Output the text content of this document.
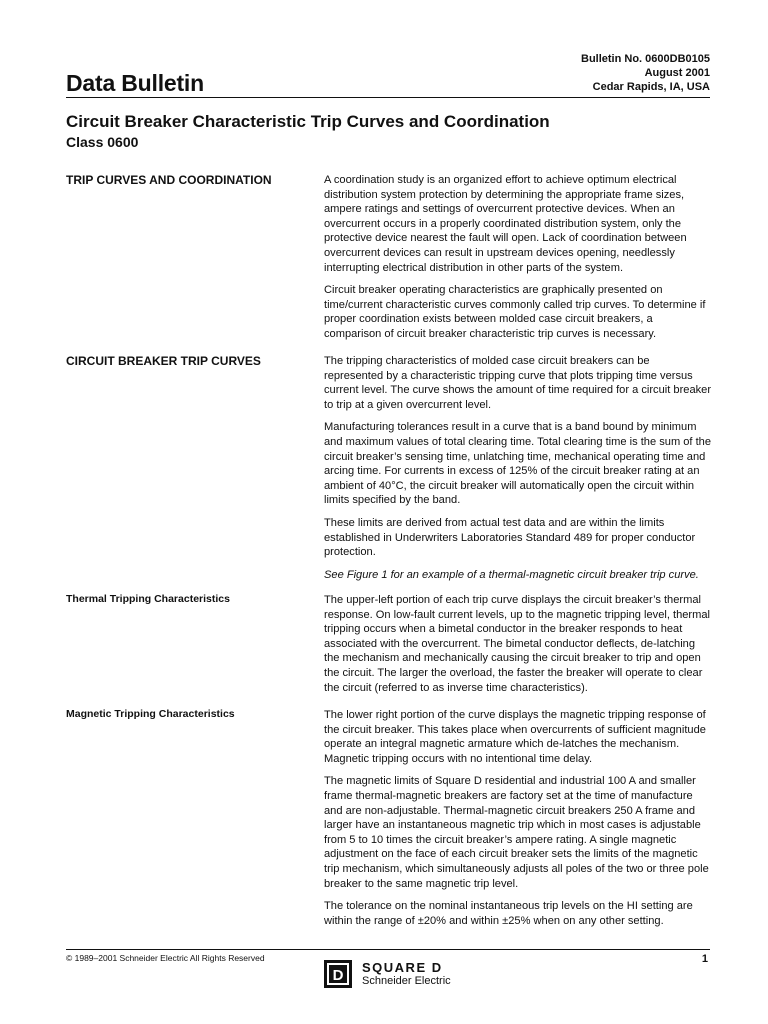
Bulletin No. 0600DB0105
August 2001
Cedar Rapids, IA, USA
Data Bulletin
Circuit Breaker Characteristic Trip Curves and Coordination
Class 0600
TRIP CURVES AND COORDINATION	A coordination study is an organized effort to achieve optimum electrical
distribution system protection by determining the appropriate frame sizes,
ampere ratings and settings of overcurrent protective devices. When an
overcurrent occurs in a properly coordinated distribution system, only the
protective device nearest the fault will open. Lack of coordination between
overcurrent devices can result in upstream devices opening, needlessly
interrupting electrical distribution in other parts of the system.

Circuit breaker operating characteristics are graphically presented on
time/current characteristic curves commonly called trip curves. To determine if
proper coordination exists between molded case circuit breakers, a
comparison of circuit breaker characteristic trip curves is necessary.

CIRCUIT BREAKER TRIP CURVES	The tripping characteristics of molded case circuit breakers can be
represented by a characteristic tripping curve that plots tripping time versus
current level. The curve shows the amount of time required for a circuit breaker
to trip at a given overcurrent level.

Manufacturing tolerances result in a curve that is a band bound by minimum
and maximum values of total clearing time. Total clearing time is the sum of the
circuit breaker’s sensing time, unlatching time, mechanical operating time and
arcing time. For currents in excess of 125% of the circuit breaker rating at an
ambient of 40°C, the circuit breaker will automatically open the circuit within
limits specified by the band.

These limits are derived from actual test data and are within the limits
established in Underwriters Laboratories Standard 489 for proper conductor
protection.

See Figure 1 for an example of a thermal-magnetic circuit breaker trip curve.

Thermal Tripping Characteristics	The upper-left portion of each trip curve displays the circuit breaker’s thermal
response. On low-fault current levels, up to the magnetic tripping level, thermal
tripping occurs when a bimetal conductor in the breaker responds to heat
associated with the overcurrent. The bimetal conductor deflects, de-latching
the mechanism and mechanically causing the circuit breaker to trip and open
the circuit. The larger the overload, the faster the breaker will operate to clear
the circuit (referred to as inverse time characteristics).

Magnetic Tripping Characteristics	The lower right portion of the curve displays the magnetic tripping response of
the circuit breaker. This takes place when overcurrents of sufficient magnitude
operate an integral magnetic armature which de-latches the mechanism.
Magnetic tripping occurs with no intentional time delay.

The magnetic limits of Square D residential and industrial 100 A and smaller
frame thermal-magnetic breakers are factory set at the time of manufacture
and are non-adjustable. Thermal-magnetic circuit breakers 250 A frame and
larger have an instantaneous magnetic trip which in most cases is adjustable
from 5 to 10 times the circuit breaker’s ampere rating. A single magnetic
adjustment on the face of each circuit breaker sets the limits of the magnetic
trip mechanism, which simultaneously adjusts all poles of the two or three pole
breaker to the same magnetic trip level.

The tolerance on the nominal instantaneous trip levels on the HI setting are
within the range of ±20% and within ±25% when on any other setting.

© 1989–2001 Schneider Electric All Rights Reserved	1
D SQUARE D
Schneider Electric
